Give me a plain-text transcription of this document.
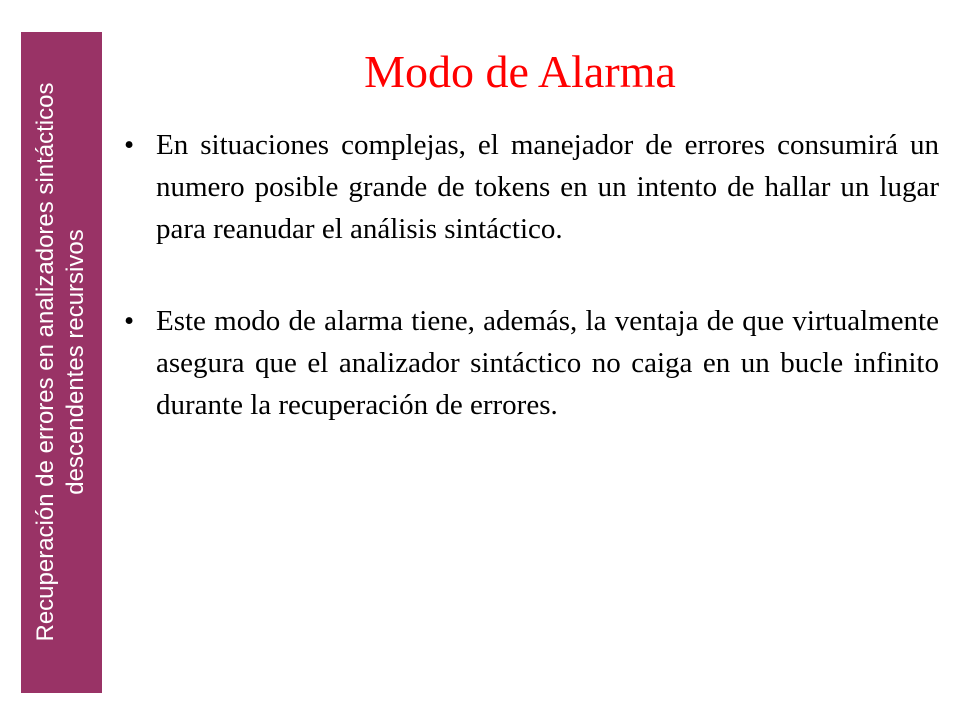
Recuperación de errores en analizadores sintácticos descendentes recursivos
Modo de Alarma
• En situaciones complejas, el manejador de errores consumirá un numero posible grande de tokens en un intento de hallar un lugar para reanudar el análisis sintáctico.
• Este modo de alarma tiene, además, la ventaja de que virtualmente asegura que el analizador sintáctico no caiga en un bucle infinito durante la recuperación de errores.
